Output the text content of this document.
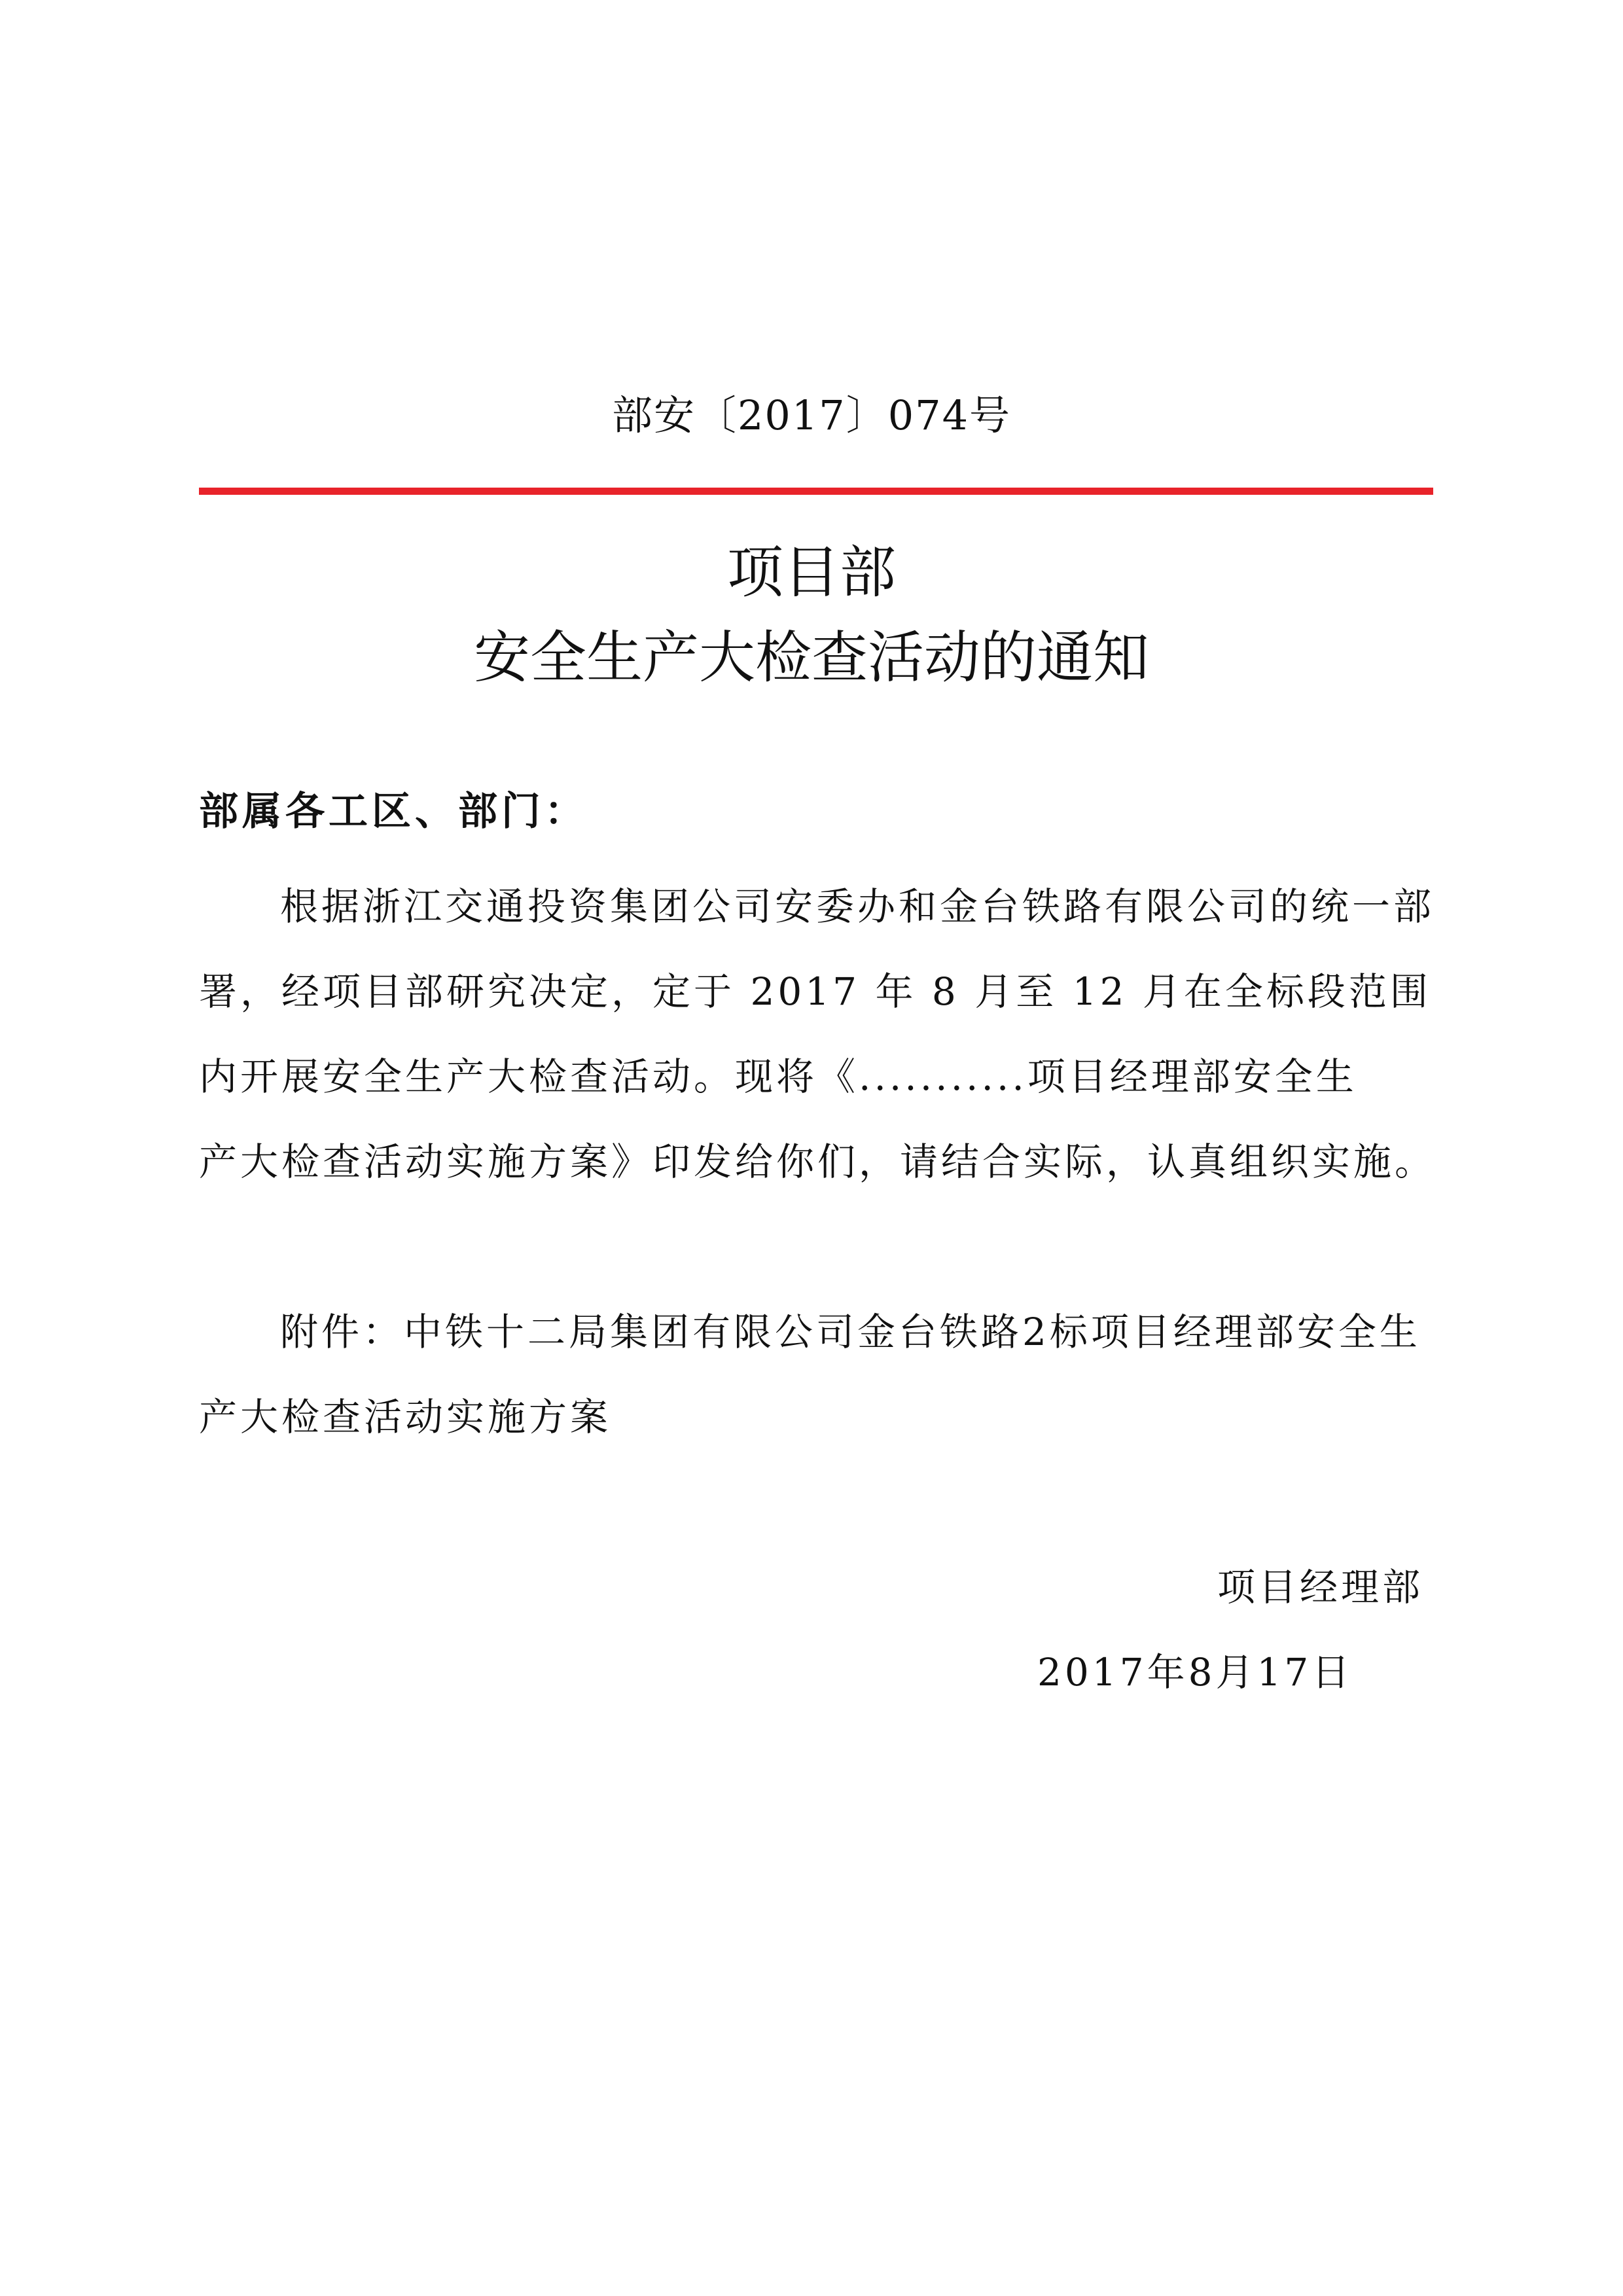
部安〔2017〕074号
项目部
安全生产大检查活动的通知
部属各工区、部门：
根据浙江交通投资集团公司安委办和金台铁路有限公司的统一部
署，经项目部研究决定，定于 2017 年 8 月至 12 月在全标段范围
内开展安全生产大检查活动。现将《...........项目经理部安全生
产大检查活动实施方案》印发给你们，请结合实际，认真组织实施。
附件：中铁十二局集团有限公司金台铁路2标项目经理部安全生
产大检查活动实施方案
项目经理部
2017年8月17日
